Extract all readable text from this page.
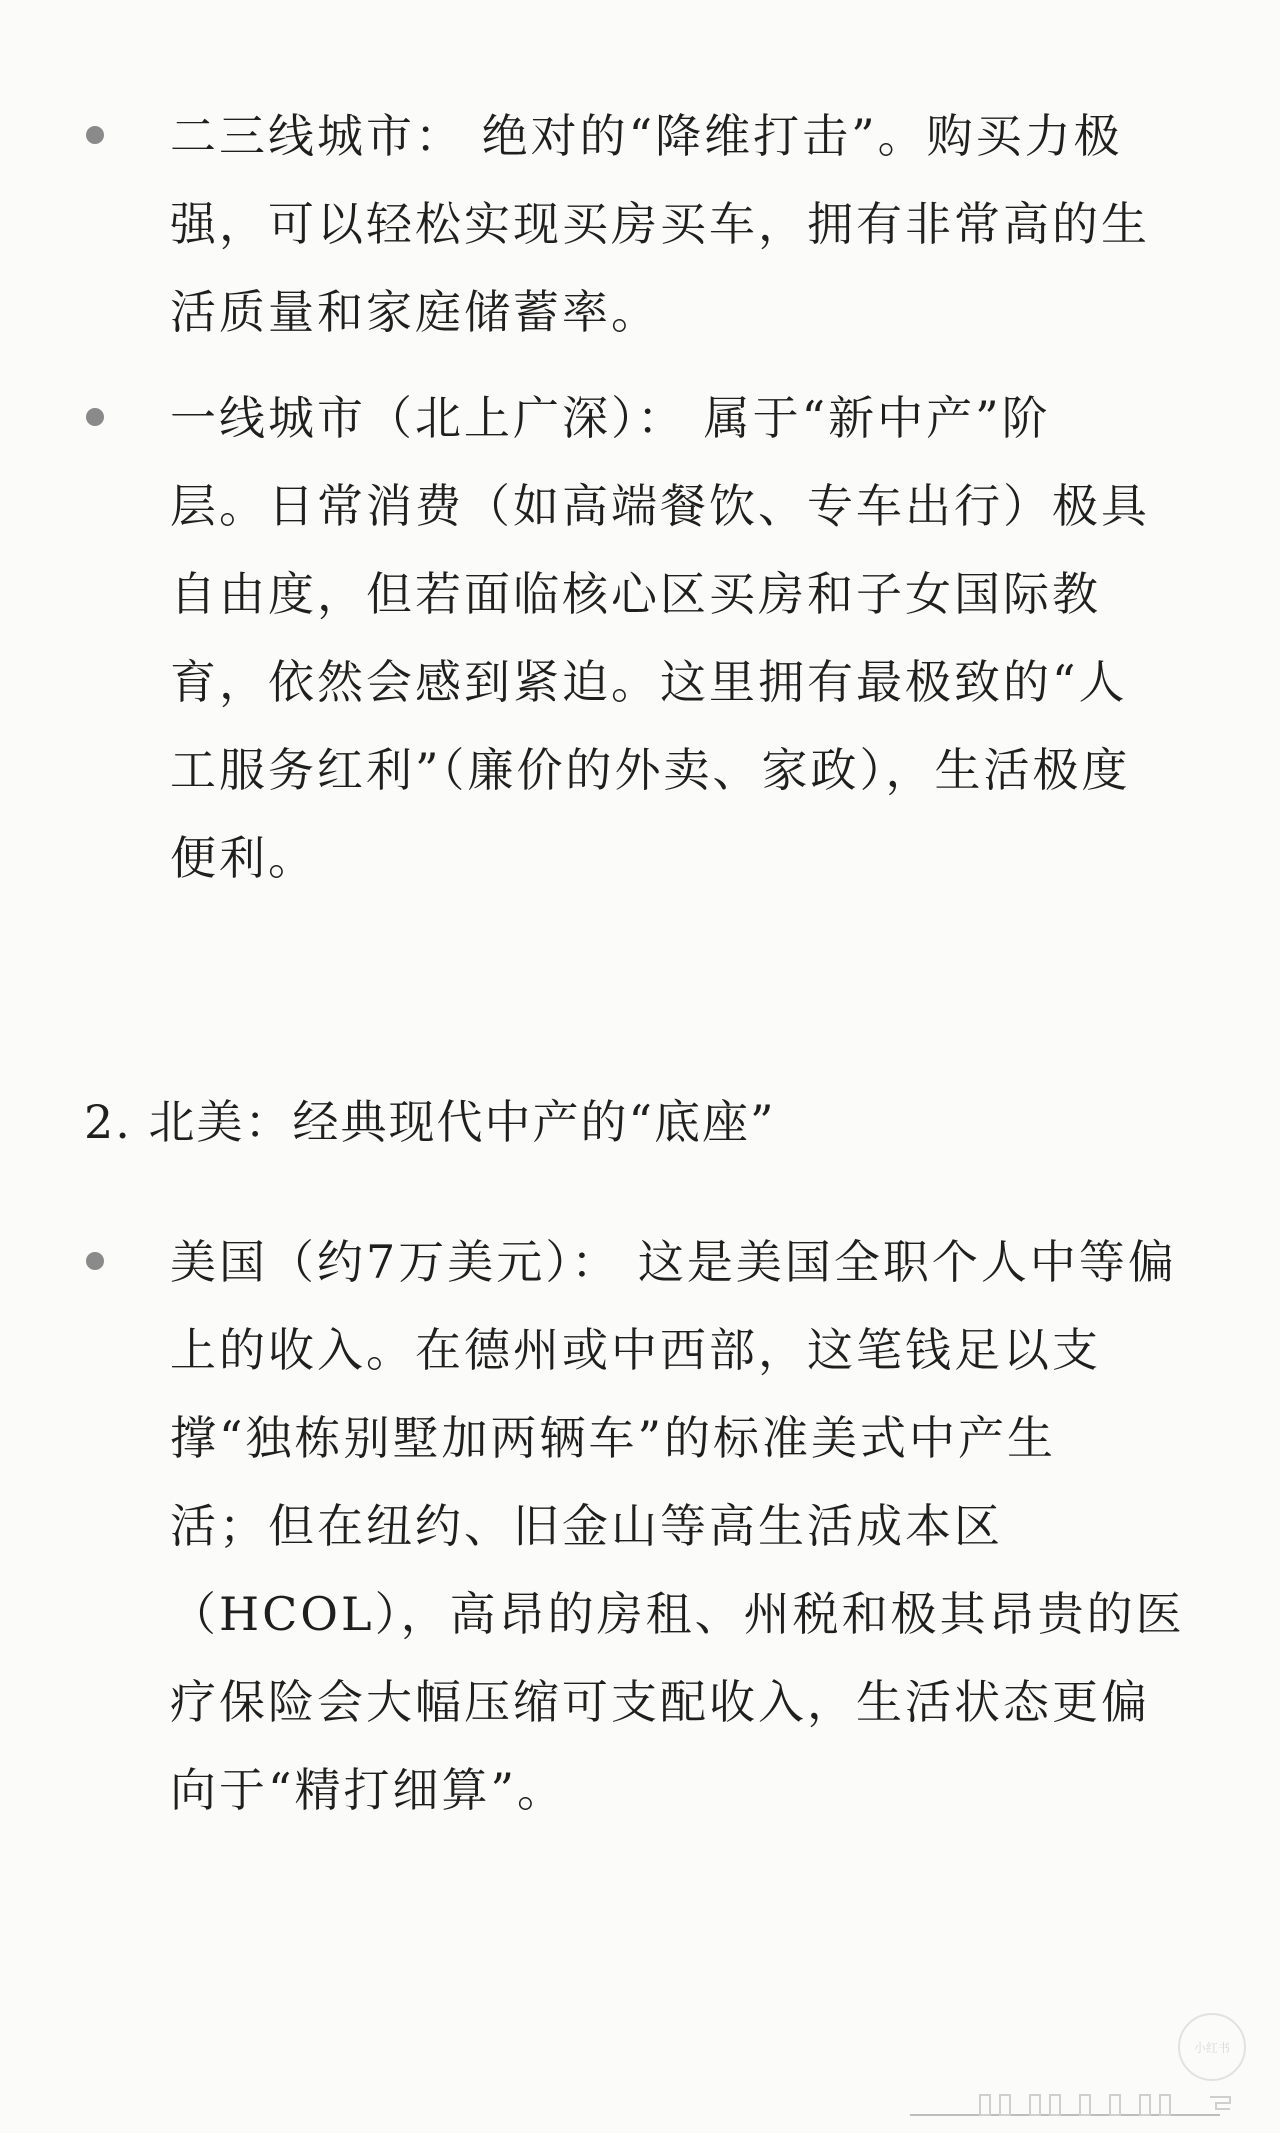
二三线城市： 绝对的“降维打击”。购买力极
强，可以轻松实现买房买车，拥有非常高的生
活质量和家庭储蓄率。
一线城市（北上广深）： 属于“新中产”阶
层。日常消费（如高端餐饮、专车出行）极具
自由度，但若面临核心区买房和子女国际教
育，依然会感到紧迫。这里拥有最极致的“人
工服务红利”（廉价的外卖、家政），生活极度
便利。
2. 北美：经典现代中产的“底座”
美国（约7万美元）： 这是美国全职个人中等偏
上的收入。在德州或中西部，这笔钱足以支
撑“独栋别墅加两辆车”的标准美式中产生
活；但在纽约、旧金山等高生活成本区
（HCOL），高昂的房租、州税和极其昂贵的医
疗保险会大幅压缩可支配收入，生活状态更偏
向于“精打细算”。
小红书
